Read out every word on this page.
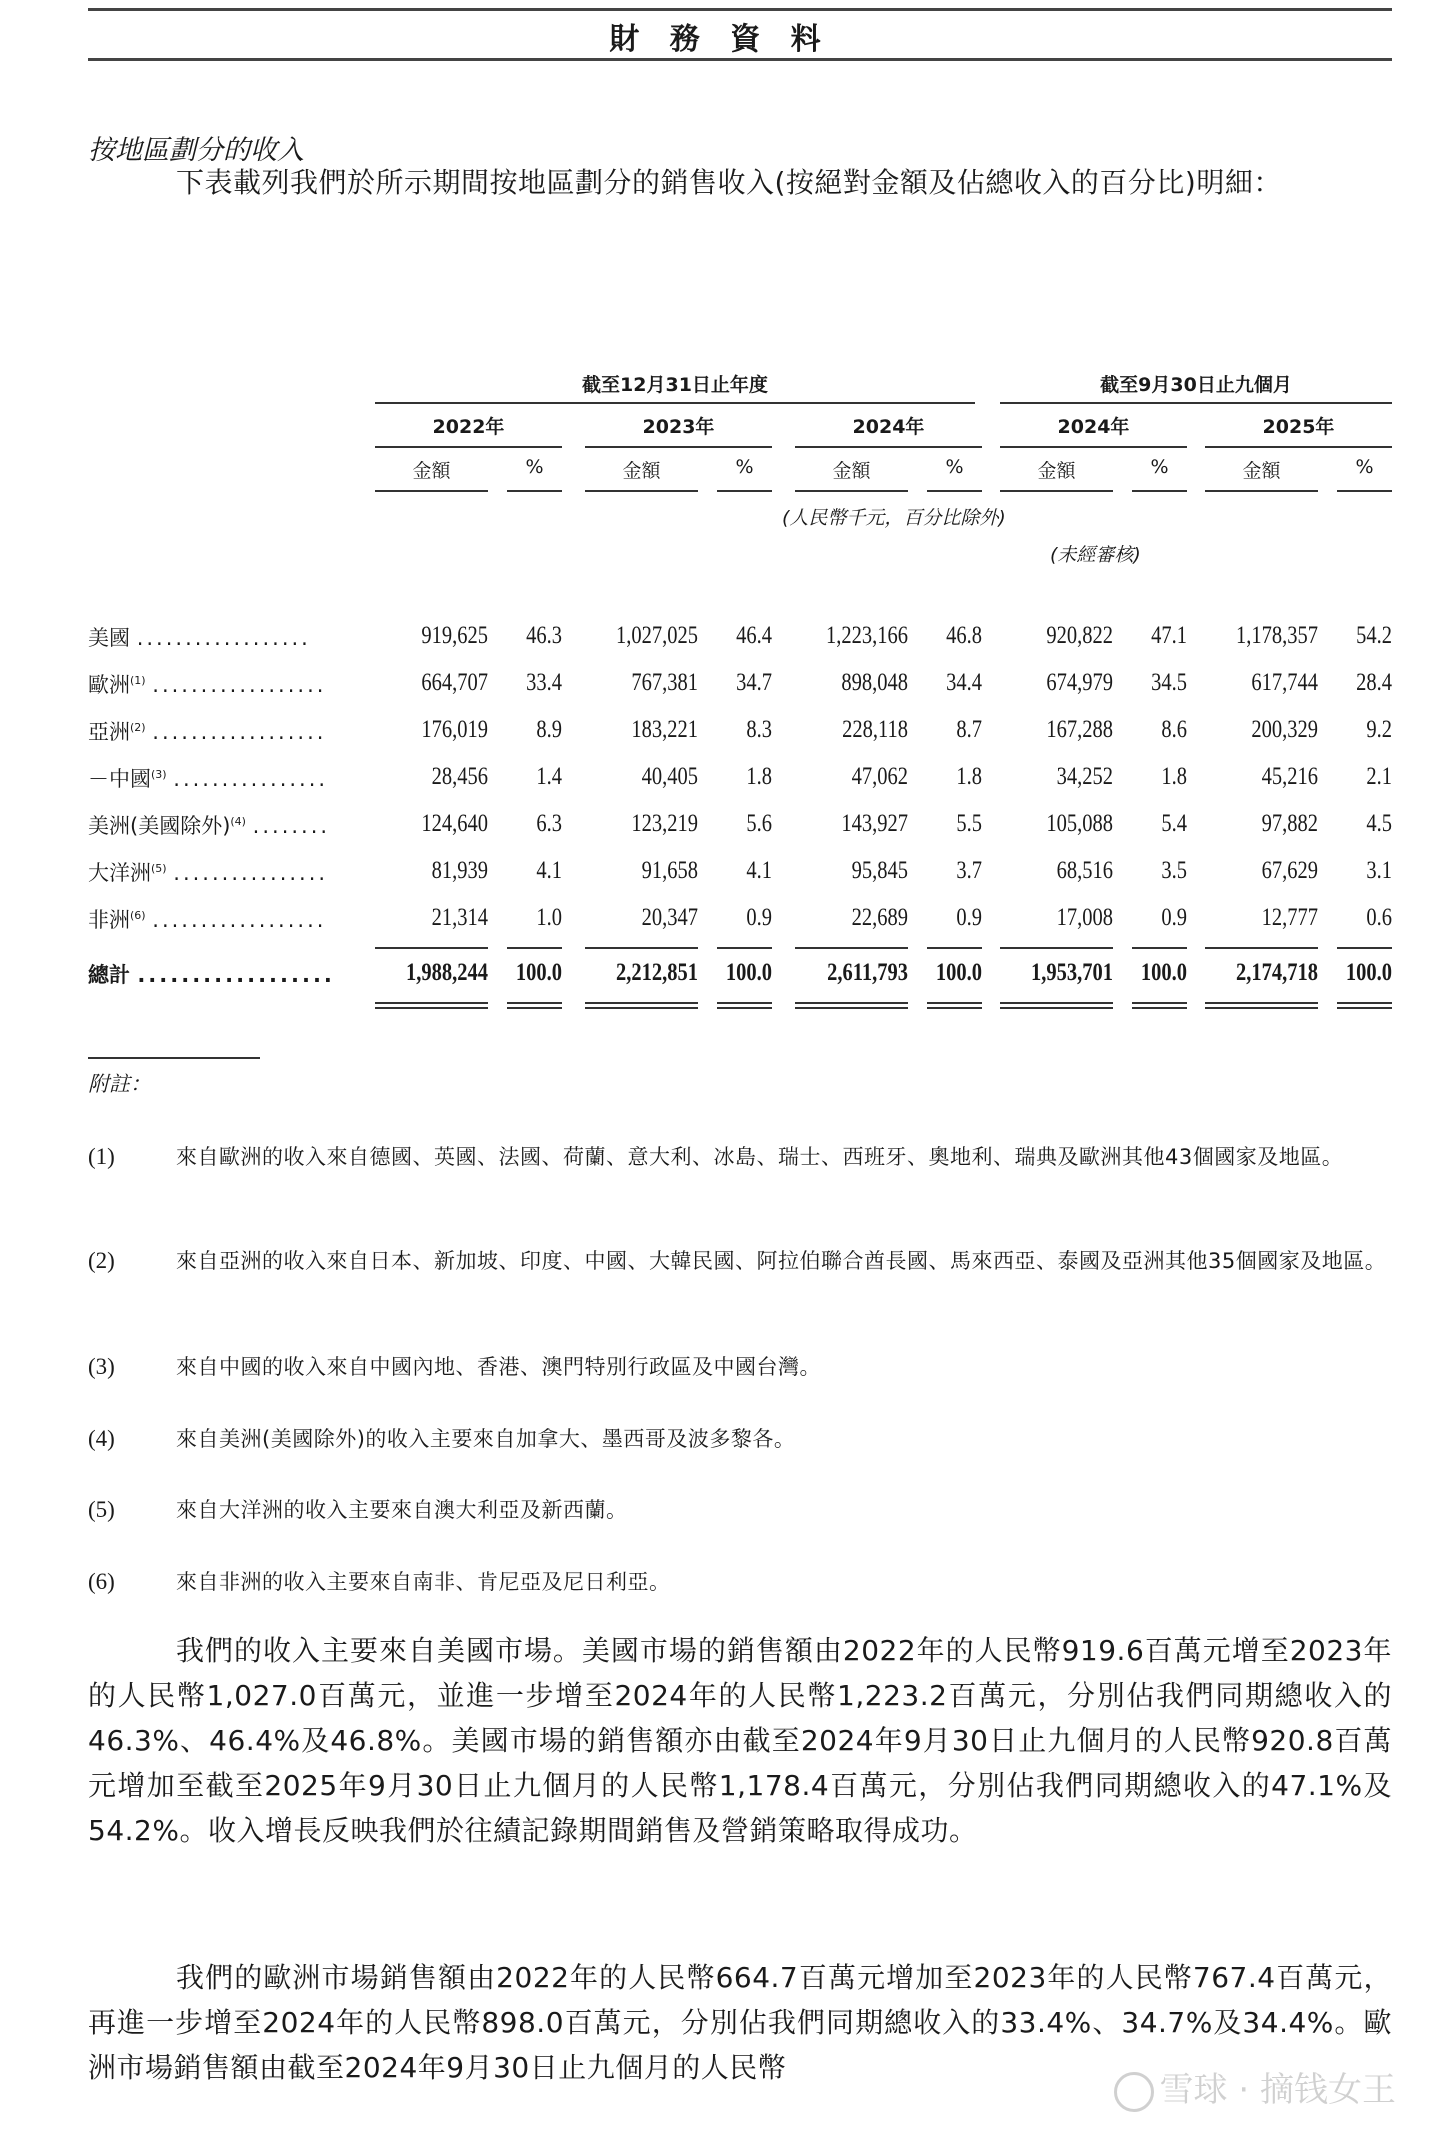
財 務 資 料
按地區劃分的收入
下表載列我們於所示期間按地區劃分的銷售收入(按絕對金額及佔總收入的百分比)明細：
截至12月31日止年度	截至9月30日止九個月
2022年
金額	%
2023年
金額	%
2024年
金額	%
2024年
金額	%
2025年
金額	%
(人民幣千元，百分比除外)
(未經審核)
美國 ..................	919,625	46.3	1,027,025	46.4	1,223,166	46.8	920,822	47.1	1,178,357	54.2
歐洲$^{(1)}$ ..................	664,707	33.4	767,381	34.7	898,048	34.4	674,979	34.5	617,744	28.4
亞洲$^{(2)}$ ..................	176,019	8.9	183,221	8.3	228,118	8.7	167,288	8.6	200,329	9.2
－中國$^{(3)}$ ................	28,456	1.4	40,405	1.8	47,062	1.8	34,252	1.8	45,216	2.1
美洲(美國除外)$^{(4)}$ ........	124,640	6.3	123,219	5.6	143,927	5.5	105,088	5.4	97,882	4.5
大洋洲$^{(5)}$ ................	81,939	4.1	91,658	4.1	95,845	3.7	68,516	3.5	67,629	3.1
非洲$^{(6)}$ ..................	21,314	1.0	20,347	0.9	22,689	0.9	17,008	0.9	12,777	0.6
總計 ..................	1,988,244	100.0	2,212,851	100.0	2,611,793	100.0	1,953,701	100.0	2,174,718	100.0
附註：
(1)	來自歐洲的收入來自德國、英國、法國、荷蘭、意大利、冰島、瑞士、西班牙、奧地利、瑞典及歐洲其他43個國家及地區。
(2)	來自亞洲的收入來自日本、新加坡、印度、中國、大韓民國、阿拉伯聯合酋長國、馬來西亞、泰國及亞洲其他35個國家及地區。
(3)	來自中國的收入來自中國內地、香港、澳門特別行政區及中國台灣。
(4)	來自美洲(美國除外)的收入主要來自加拿大、墨西哥及波多黎各。
(5)	來自大洋洲的收入主要來自澳大利亞及新西蘭。
(6)	來自非洲的收入主要來自南非、肯尼亞及尼日利亞。
我們的收入主要來自美國市場。美國市場的銷售額由2022年的人民幣919.6百萬元增至2023年的人民幣1,027.0百萬元，並進一步增至2024年的人民幣1,223.2百萬元，分別佔我們同期總收入的46.3%、46.4%及46.8%。美國市場的銷售額亦由截至2024年9月30日止九個月的人民幣920.8百萬元增加至截至2025年9月30日止九個月的人民幣1,178.4百萬元，分別佔我們同期總收入的47.1%及54.2%。收入增長反映我們於往績記錄期間銷售及營銷策略取得成功。
我們的歐洲市場銷售額由2022年的人民幣664.7百萬元增加至2023年的人民幣767.4百萬元，再進一步增至2024年的人民幣898.0百萬元，分別佔我們同期總收入的33.4%、34.7%及34.4%。歐洲市場銷售額由截至2024年9月30日止九個月的人民幣
雪球 · 摘钱女王
